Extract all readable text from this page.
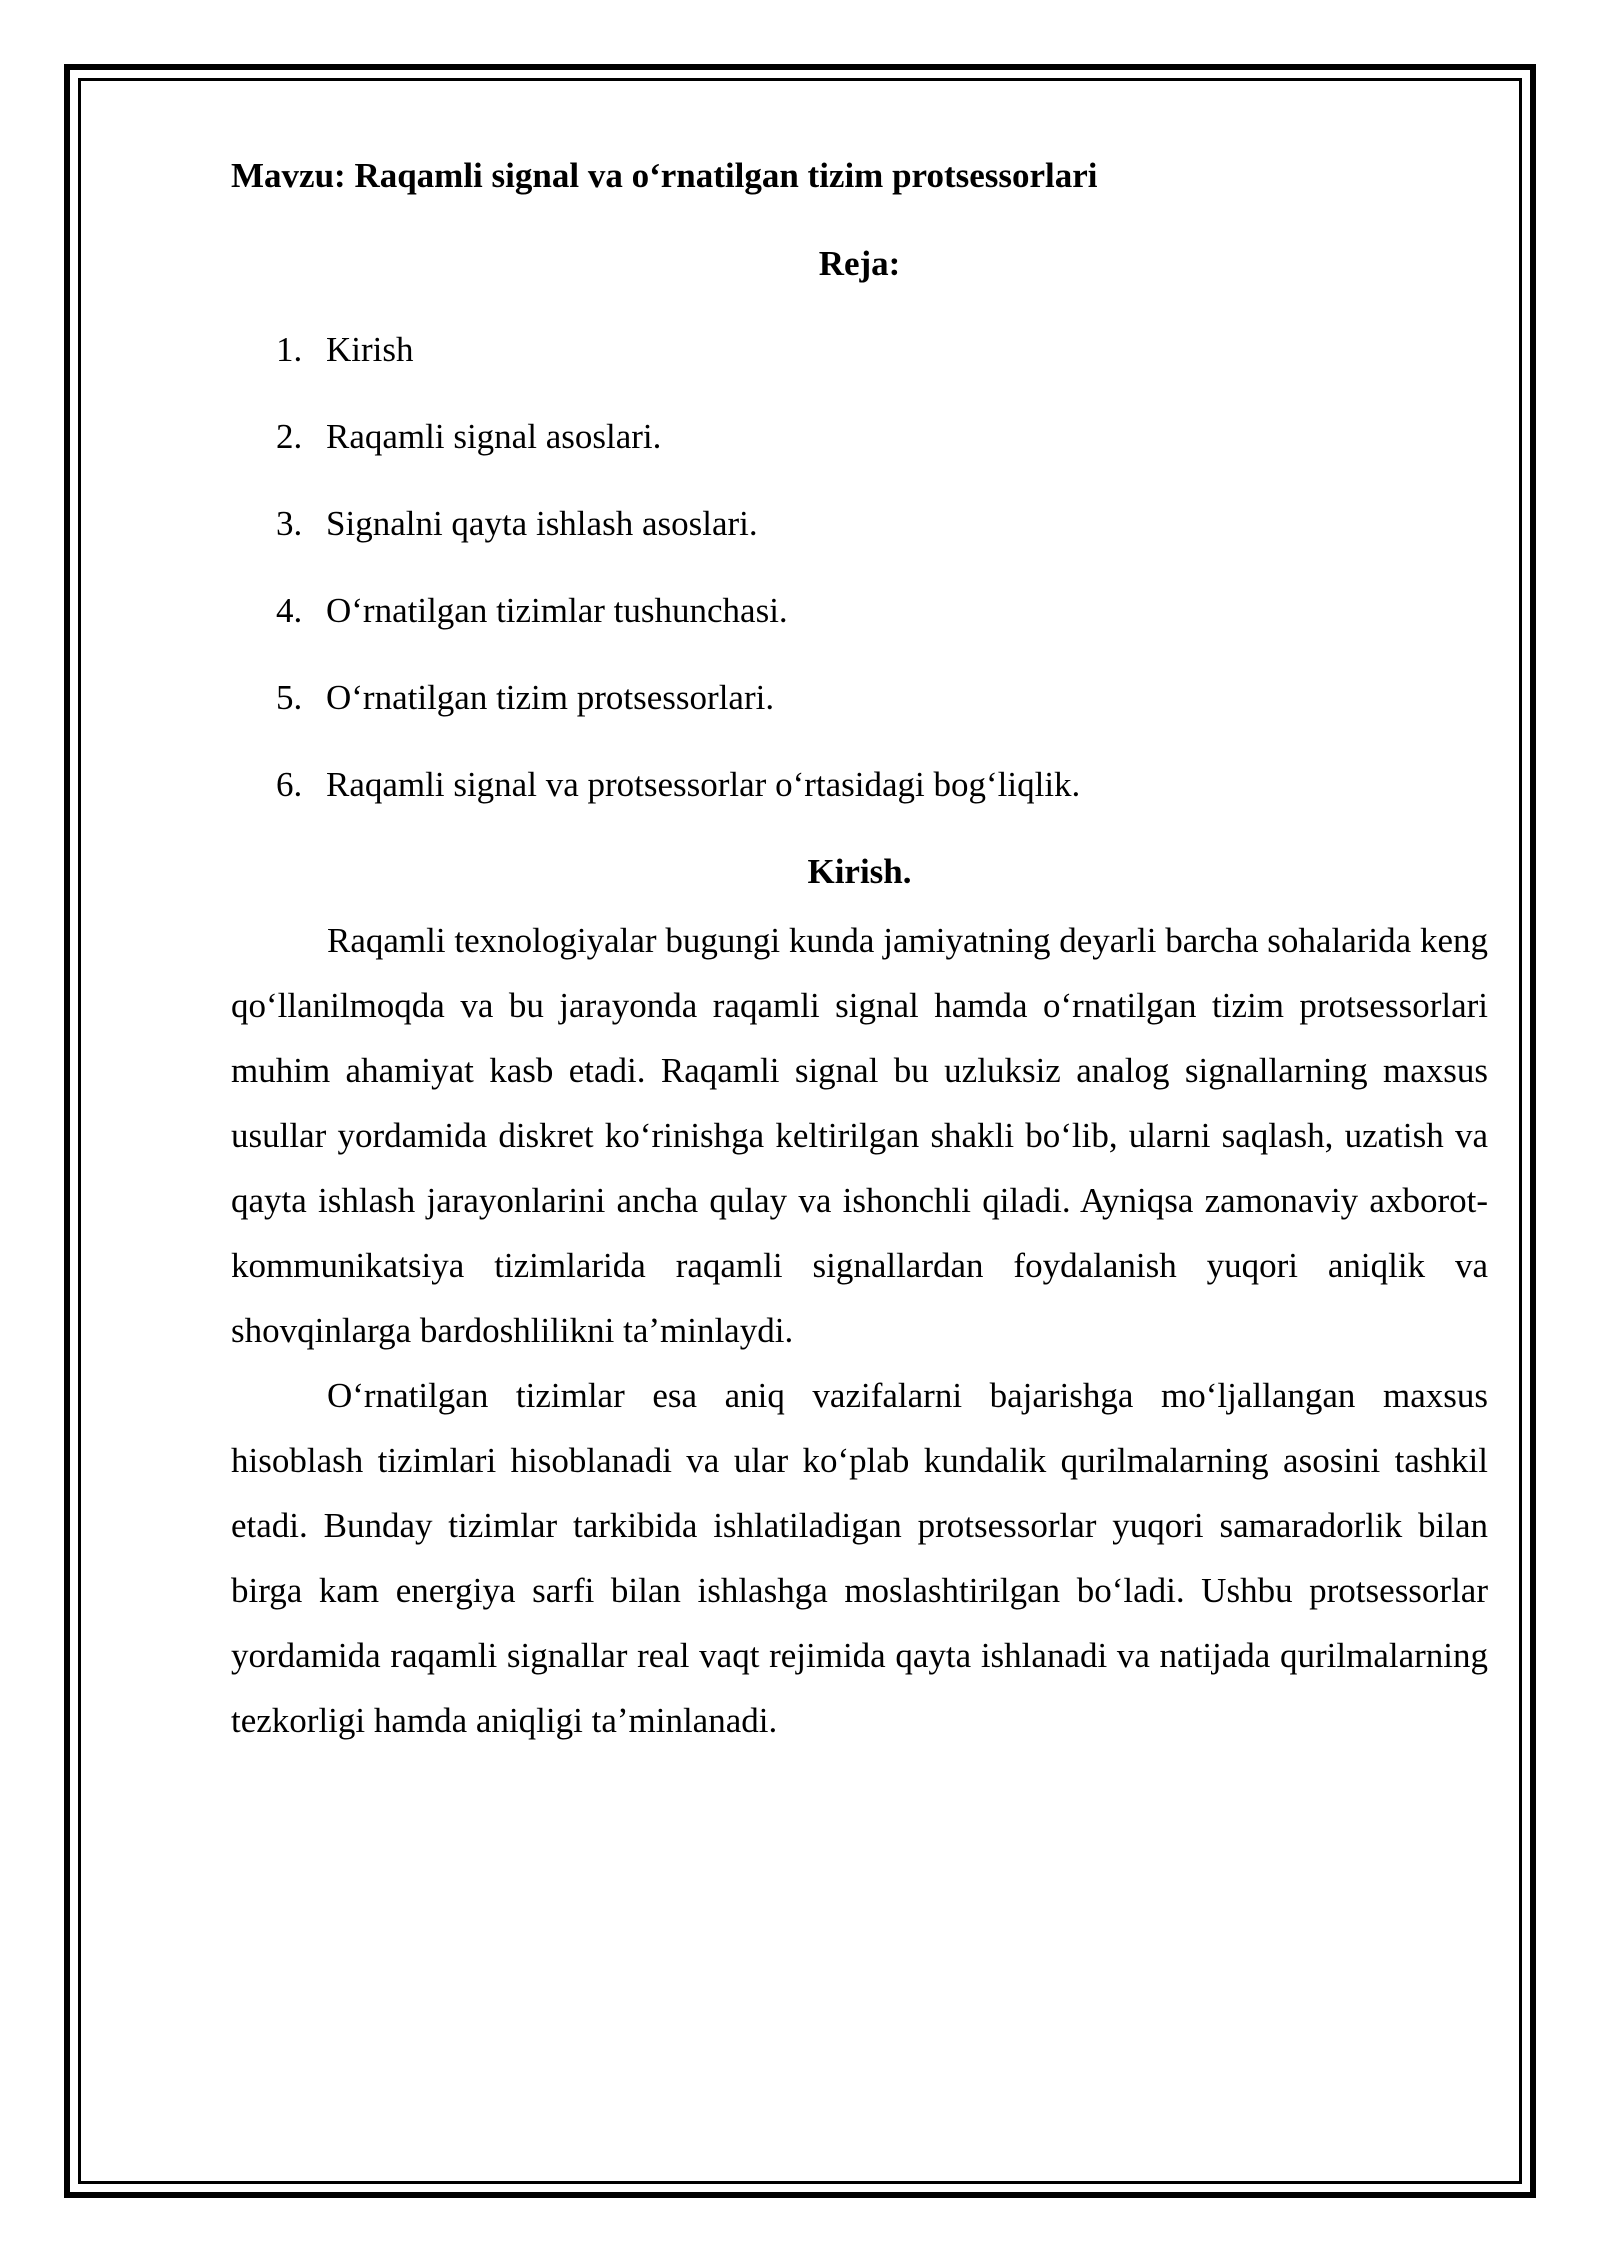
Mavzu: Raqamli signal va oʻrnatilgan tizim protsessorlari
Reja:
1. Kirish
2. Raqamli signal asoslari.
3. Signalni qayta ishlash asoslari.
4. Oʻrnatilgan tizimlar tushunchasi.
5. Oʻrnatilgan tizim protsessorlari.
6. Raqamli signal va protsessorlar oʻrtasidagi bogʻliqlik.
Kirish.

Raqamli texnologiyalar bugungi kunda jamiyatning deyarli barcha sohalarida keng qoʻllanilmoqda va bu jarayonda raqamli signal hamda oʻrnatilgan tizim protsessorlari muhim ahamiyat kasb etadi. Raqamli signal bu uzluksiz analog signallarning maxsus usullar yordamida diskret koʻrinishga keltirilgan shakli boʻlib, ularni saqlash, uzatish va qayta ishlash jarayonlarini ancha qulay va ishonchli qiladi. Ayniqsa zamonaviy axborot-kommunikatsiya tizimlarida raqamli signallardan foydalanish yuqori aniqlik va shovqinlarga bardoshlilikni taʼminlaydi.

Oʻrnatilgan tizimlar esa aniq vazifalarni bajarishga moʻljallangan maxsus hisoblash tizimlari hisoblanadi va ular koʻplab kundalik qurilmalarning asosini tashkil etadi. Bunday tizimlar tarkibida ishlatiladigan protsessorlar yuqori samaradorlik bilan birga kam energiya sarfi bilan ishlashga moslashtirilgan boʻladi. Ushbu protsessorlar yordamida raqamli signallar real vaqt rejimida qayta ishlanadi va natijada qurilmalarning tezkorligi hamda aniqligi taʼminlanadi.
